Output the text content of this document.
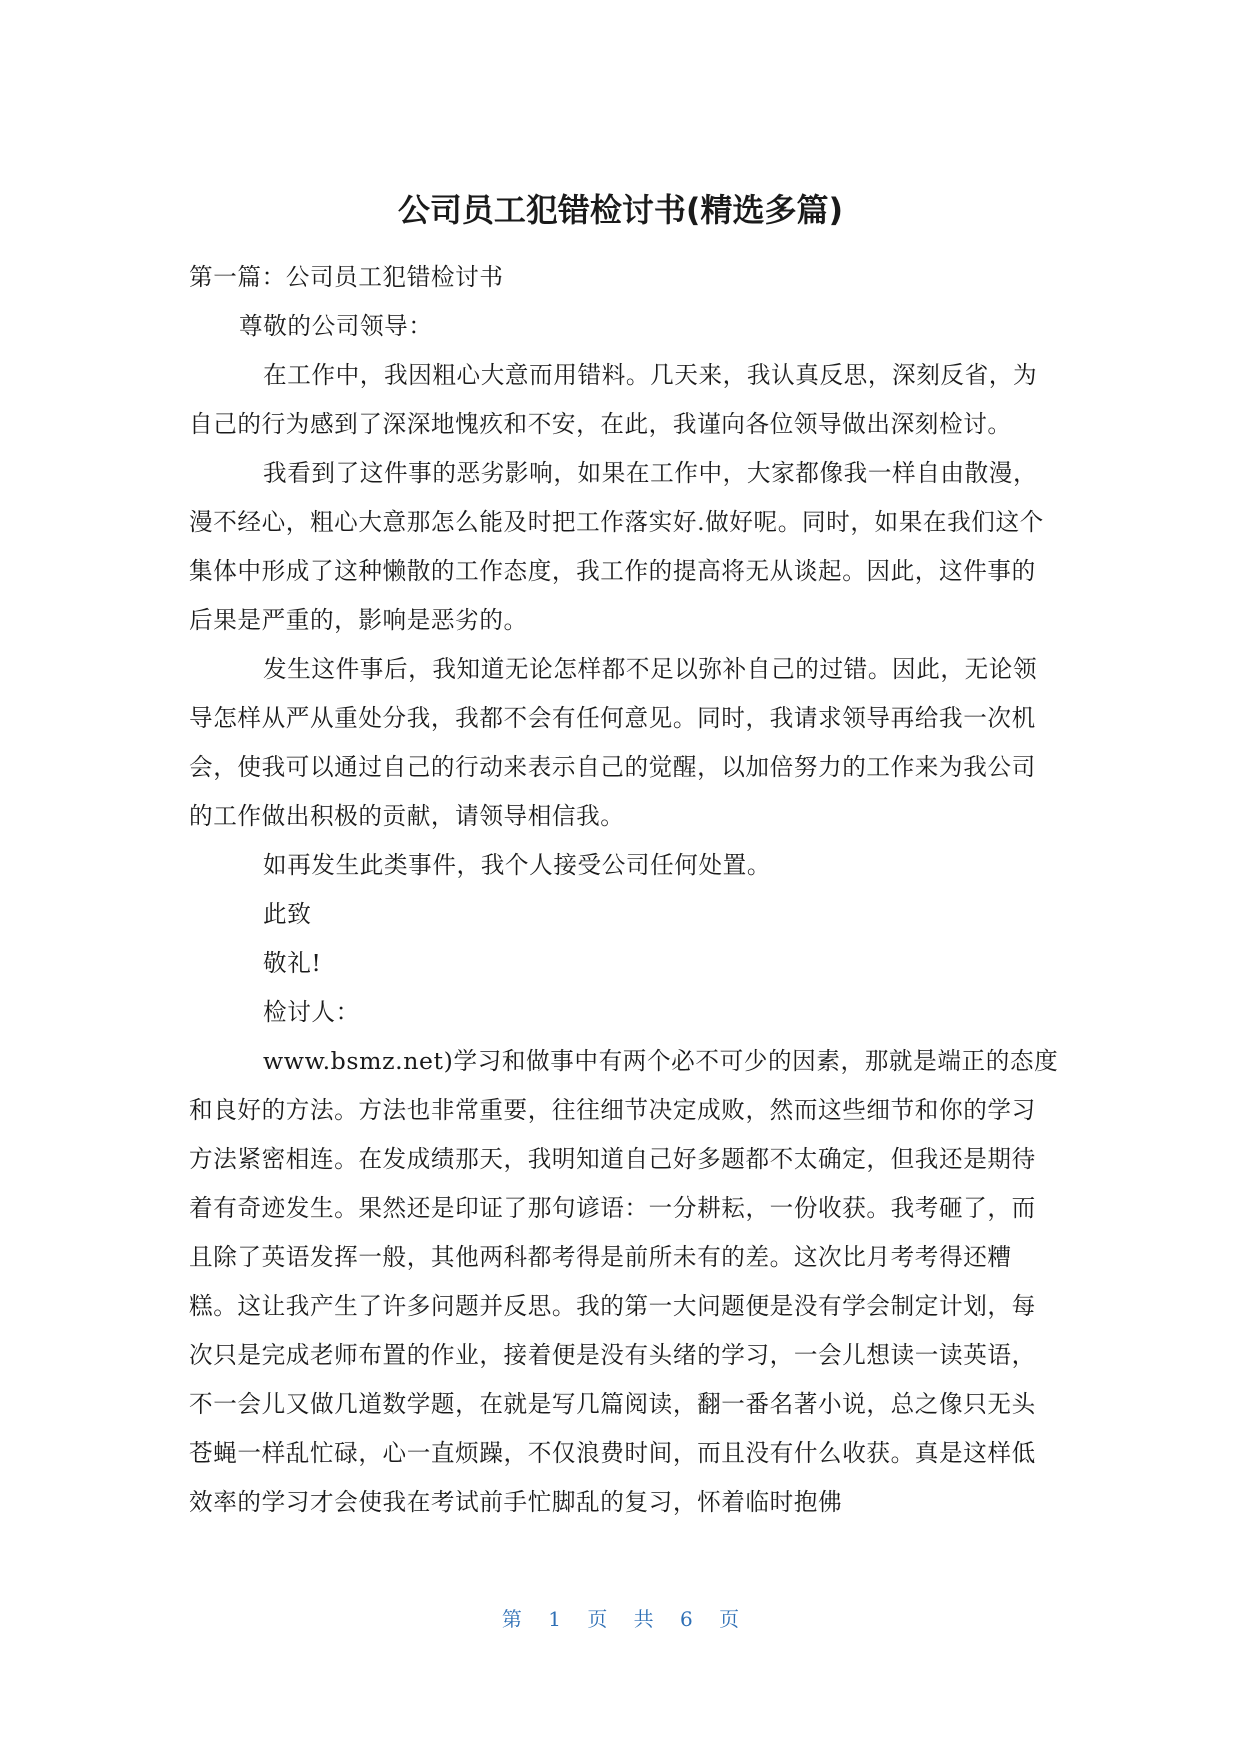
公司员工犯错检讨书(精选多篇)

第一篇：公司员工犯错检讨书

尊敬的公司领导：

在工作中，我因粗心大意而用错料。几天来，我认真反思，深刻反省，为自己的行为感到了深深地愧疚和不安，在此，我谨向各位领导做出深刻检讨。

我看到了这件事的恶劣影响，如果在工作中，大家都像我一样自由散漫，漫不经心，粗心大意那怎么能及时把工作落实好.做好呢。同时，如果在我们这个集体中形成了这种懒散的工作态度，我工作的提高将无从谈起。因此，这件事的后果是严重的，影响是恶劣的。

发生这件事后，我知道无论怎样都不足以弥补自己的过错。因此，无论领导怎样从严从重处分我，我都不会有任何意见。同时，我请求领导再给我一次机会，使我可以通过自己的行动来表示自己的觉醒，以加倍努力的工作来为我公司的工作做出积极的贡献，请领导相信我。

如再发生此类事件，我个人接受公司任何处置。

此致

敬礼!

检讨人：

www.bsmz.net)学习和做事中有两个必不可少的因素，那就是端正的态度和良好的方法。方法也非常重要，往往细节决定成败，然而这些细节和你的学习方法紧密相连。在发成绩那天，我明知道自己好多题都不太确定，但我还是期待着有奇迹发生。果然还是印证了那句谚语：一分耕耘，一份收获。我考砸了，而且除了英语发挥一般，其他两科都考得是前所未有的差。这次比月考考得还糟糕。这让我产生了许多问题并反思。我的第一大问题便是没有学会制定计划，每次只是完成老师布置的作业，接着便是没有头绪的学习，一会儿想读一读英语，不一会儿又做几道数学题，在就是写几篇阅读，翻一番名著小说，总之像只无头苍蝇一样乱忙碌，心一直烦躁，不仅浪费时间，而且没有什么收获。真是这样低效率的学习才会使我在考试前手忙脚乱的复习，怀着临时抱佛

第 1 页 共 6 页
